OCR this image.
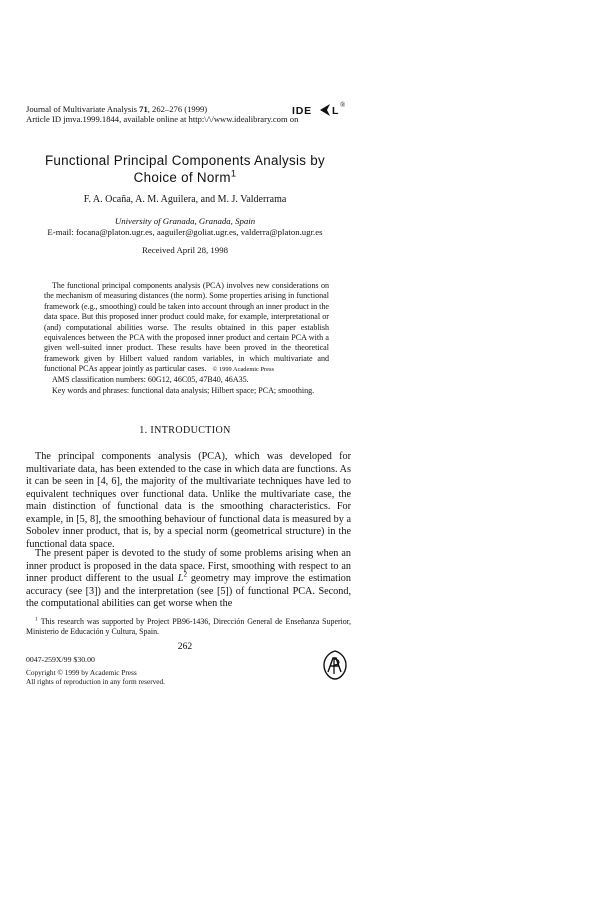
Journal of Multivariate Analysis 71, 262–276 (1999)
Article ID jmva.1999.1844, available online at http:\/\/www.idealibrary.com on
IDE L ®
Functional Principal Components Analysis by
Choice of Norm$^1$
F. A. Ocaña, A. M. Aguilera, and M. J. Valderrama
University of Granada, Granada, Spain
E-mail: focana@platon.ugr.es, aaguiler@goliat.ugr.es, valderra@platon.ugr.es
Received April 28, 1998
The functional principal components analysis (PCA) involves new considerations on the mechanism of measuring distances (the norm). Some properties arising in functional framework (e.g., smoothing) could be taken into account through an inner product in the data space. But this proposed inner product could make, for example, interpretational or (and) computational abilities worse. The results obtained in this paper establish equivalences between the PCA with the proposed inner product and certain PCA with a given well-suited inner product. These results have been proved in the theoretical framework given by Hilbert valued random variables, in which multivariate and functional PCAs appear jointly as particular cases. © 1999 Academic Press
AMS classification numbers: 60G12, 46C05, 47B40, 46A35.
Key words and phrases: functional data analysis; Hilbert space; PCA; smoothing.
1. INTRODUCTION
The principal components analysis (PCA), which was developed for multivariate data, has been extended to the case in which data are functions. As it can be seen in [4, 6], the majority of the multivariate techniques have led to equivalent techniques over functional data. Unlike the multivariate case, the main distinction of functional data is the smoothing characteristics. For example, in [5, 8], the smoothing behaviour of functional data is measured by a Sobolev inner product, that is, by a special norm (geometrical structure) in the functional data space.
The present paper is devoted to the study of some problems arising when an inner product is proposed in the data space. First, smoothing with respect to an inner product different to the usual $L^2$ geometry may improve the estimation accuracy (see [3]) and the interpretation (see [5]) of functional PCA. Second, the computational abilities can get worse when the
$^1$ This research was supported by Project PB96-1436, Dirección General de Enseñanza Superior, Ministerio de Educación y Cultura, Spain.
262
0047-259X/99 $30.00
Copyright © 1999 by Academic Press
All rights of reproduction in any form reserved.
